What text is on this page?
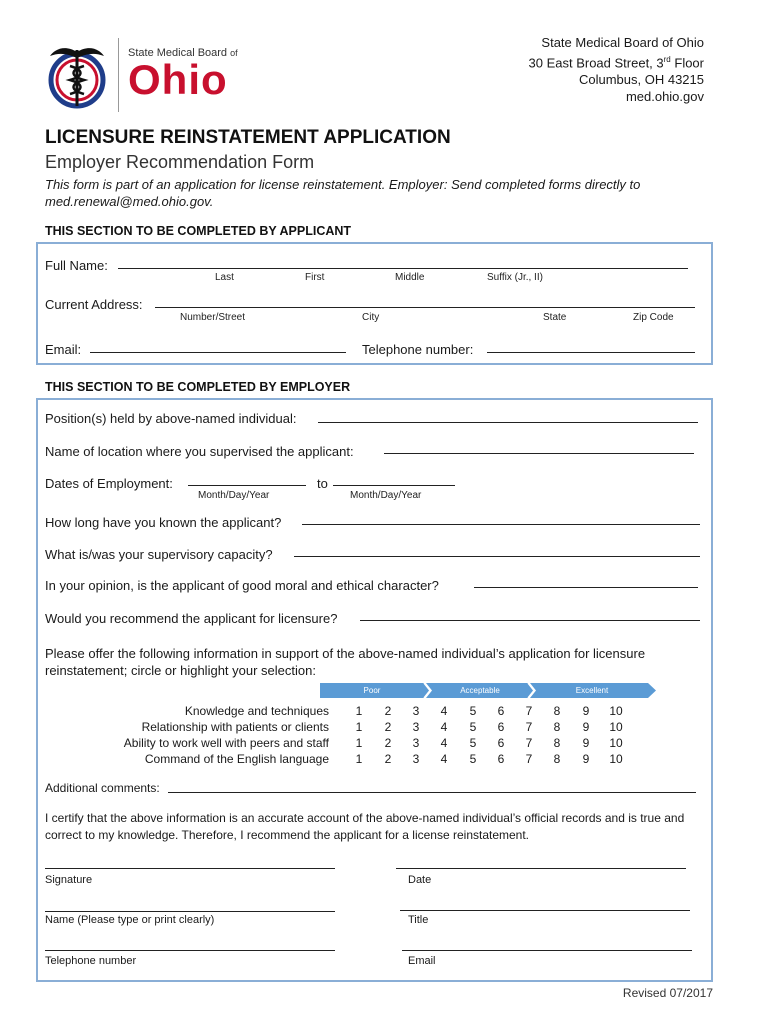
State Medical Board of
Ohio
State Medical Board of Ohio
30 East Broad Street, 3rd Floor
Columbus, OH 43215
med.ohio.gov
LICENSURE REINSTATEMENT APPLICATION
Employer Recommendation Form
This form is part of an application for license reinstatement. Employer: Send completed forms directly to med.renewal@med.ohio.gov.
THIS SECTION TO BE COMPLETED BY APPLICANT
Full Name:
Last	First	Middle	Suffix (Jr., II)
Current Address:
Number/Street	City	State	Zip Code
Email:	Telephone number:
THIS SECTION TO BE COMPLETED BY EMPLOYER
Position(s) held by above-named individual:
Name of location where you supervised the applicant:
Dates of Employment:	to
Month/Day/Year	Month/Day/Year
How long have you known the applicant?
What is/was your supervisory capacity?
In your opinion, is the applicant of good moral and ethical character?
Would you recommend the applicant for licensure?
Please offer the following information in support of the above-named individual’s application for licensure reinstatement; circle or highlight your selection:
Poor	Acceptable	Excellent
Knowledge and techniques	1	2	3	4	5	6	7	8	9	10
Relationship with patients or clients	1	2	3	4	5	6	7	8	9	10
Ability to work well with peers and staff	1	2	3	4	5	6	7	8	9	10
Command of the English language	1	2	3	4	5	6	7	8	9	10
Additional comments:
I certify that the above information is an accurate account of the above-named individual’s official records and is true and correct to my knowledge. Therefore, I recommend the applicant for a license reinstatement.
Signature	Date
Name (Please type or print clearly)	Title
Telephone number	Email
Revised 07/2017
